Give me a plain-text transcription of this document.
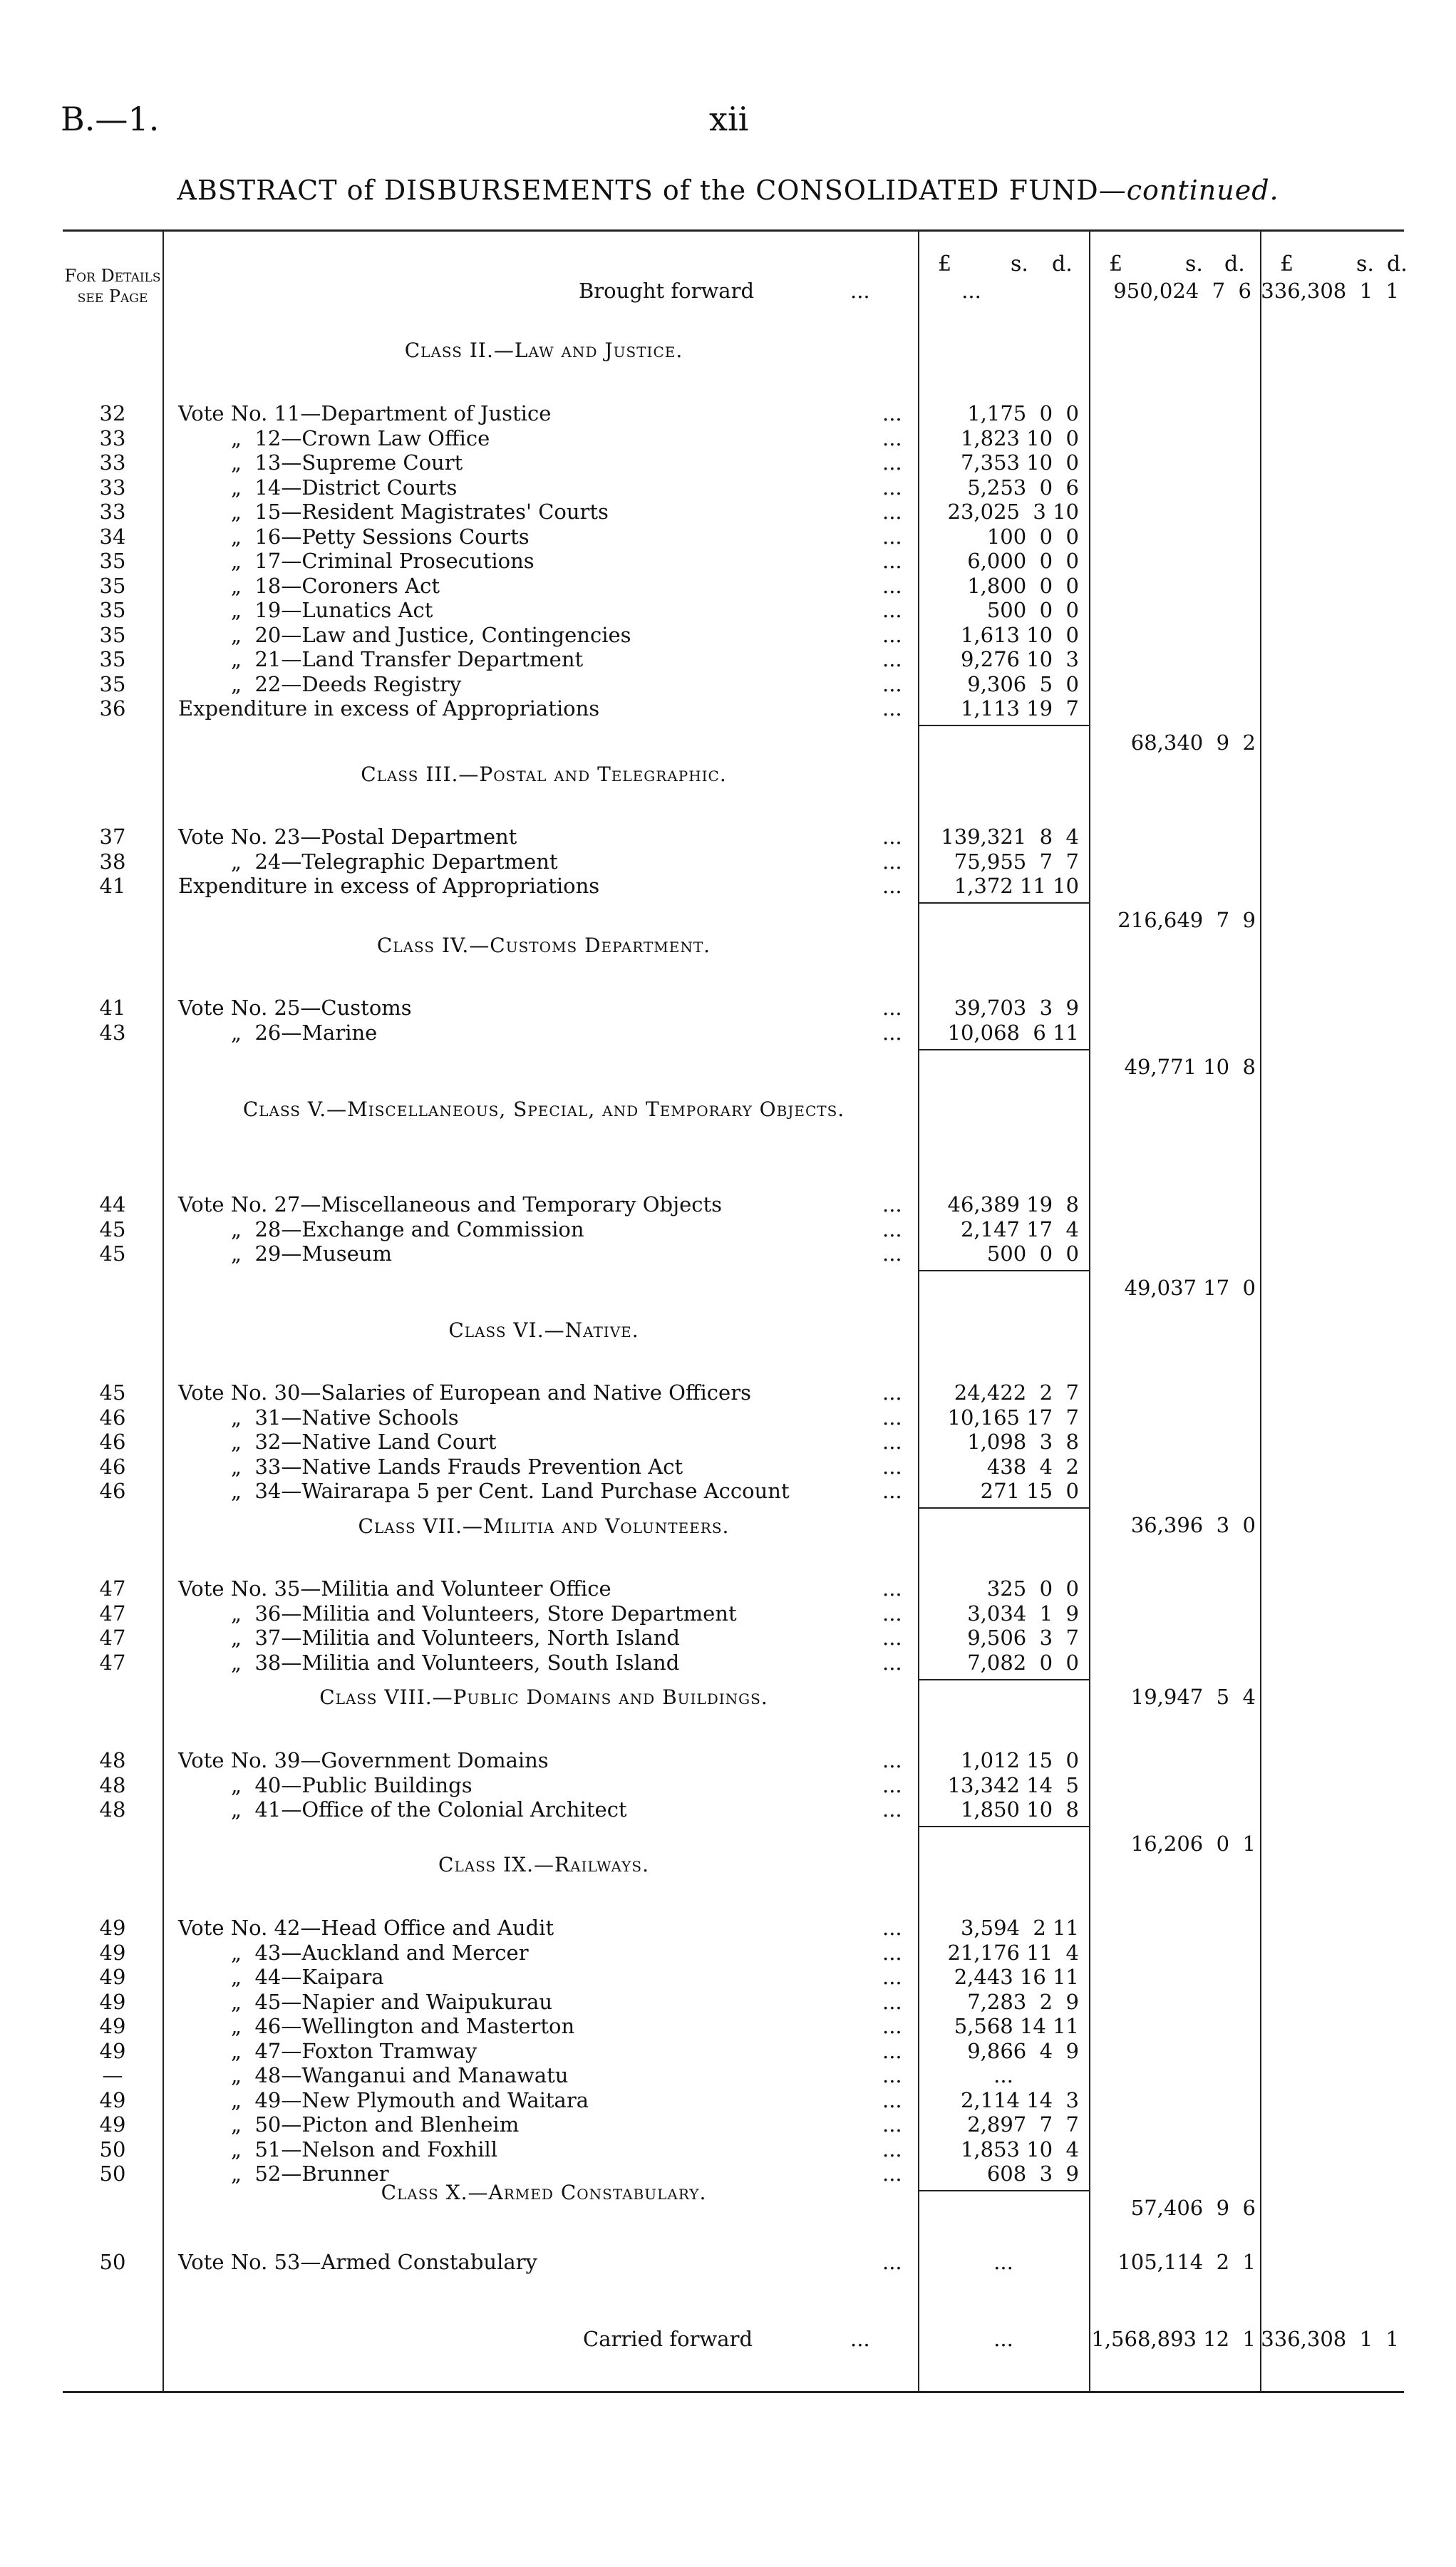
B.—1.	xii
ABSTRACT of DISBURSEMENTS of the CONSOLIDATED FUND—continued.
For Details see Page
£	s. d. £	s. d. £	s. d.
Brought forward	...	...	950,024  7  6 336,308  1  1
Class II.—Law and Justice.
32	Vote No. 11—Department of Justice	...	1,175  0  0
33	„  12—Crown Law Office	...	1,823 10  0
33	„  13—Supreme Court	...	7,353 10  0
33	„  14—District Courts	...	5,253  0  6
33	„  15—Resident Magistrates' Courts	...	23,025  3 10
34	„  16—Petty Sessions Courts	...	100  0  0
35	„  17—Criminal Prosecutions	...	6,000  0  0
35	„  18—Coroners Act	...	1,800  0  0
35	„  19—Lunatics Act	...	500  0  0
35	„  20—Law and Justice, Contingencies	...	1,613 10  0
35	„  21—Land Transfer Department	...	9,276 10  3
35	„  22—Deeds Registry	...	9,306  5  0
36	Expenditure in excess of Appropriations	...	1,113 19  7
68,340  9  2
Class III.—Postal and Telegraphic.
37	Vote No. 23—Postal Department	...	139,321  8  4
38	„  24—Telegraphic Department	...	75,955  7  7
41	Expenditure in excess of Appropriations	...	1,372 11 10
216,649  7  9
Class IV.—Customs Department.
41	Vote No. 25—Customs	...	39,703  3  9
43	„  26—Marine	...	10,068  6 11
49,771 10  8
Class V.—Miscellaneous, Special, and Temporary Objects.
44	Vote No. 27—Miscellaneous and Temporary Objects	...	46,389 19  8
45	„  28—Exchange and Commission	...	2,147 17  4
45	„  29—Museum	...	500  0  0
49,037 17  0
Class VI.—Native.
45	Vote No. 30—Salaries of European and Native Officers	...	24,422  2  7
46	„  31—Native Schools	...	10,165 17  7
46	„  32—Native Land Court	...	1,098  3  8
46	„  33—Native Lands Frauds Prevention Act	...	438  4  2
46	„  34—Wairarapa 5 per Cent. Land Purchase Account	...	271 15  0
36,396  3  0
Class VII.—Militia and Volunteers.
47	Vote No. 35—Militia and Volunteer Office	...	325  0  0
47	„  36—Militia and Volunteers, Store Department	...	3,034  1  9
47	„  37—Militia and Volunteers, North Island	...	9,506  3  7
47	„  38—Militia and Volunteers, South Island	...	7,082  0  0
19,947  5  4
Class VIII.—Public Domains and Buildings.
48	Vote No. 39—Government Domains	...	1,012 15  0
48	„  40—Public Buildings	...	13,342 14  5
48	„  41—Office of the Colonial Architect	...	1,850 10  8
16,206  0  1
Class IX.—Railways.
49	Vote No. 42—Head Office and Audit	...	3,594  2 11
49	„  43—Auckland and Mercer	...	21,176 11  4
49	„  44—Kaipara	...	2,443 16 11
49	„  45—Napier and Waipukurau	...	7,283  2  9
49	„  46—Wellington and Masterton	...	5,568 14 11
49	„  47—Foxton Tramway	...	9,866  4  9
—	„  48—Wanganui and Manawatu	...	...
49	„  49—New Plymouth and Waitara	...	2,114 14  3
49	„  50—Picton and Blenheim	...	2,897  7  7
50	„  51—Nelson and Foxhill	...	1,853 10  4
50	„  52—Brunner	...	608  3  9
57,406  9  6
Class X.—Armed Constabulary.
50	Vote No. 53—Armed Constabulary	...	...	105,114  2  1
Carried forward	...	...	1,568,893 12  1 336,308  1  1
